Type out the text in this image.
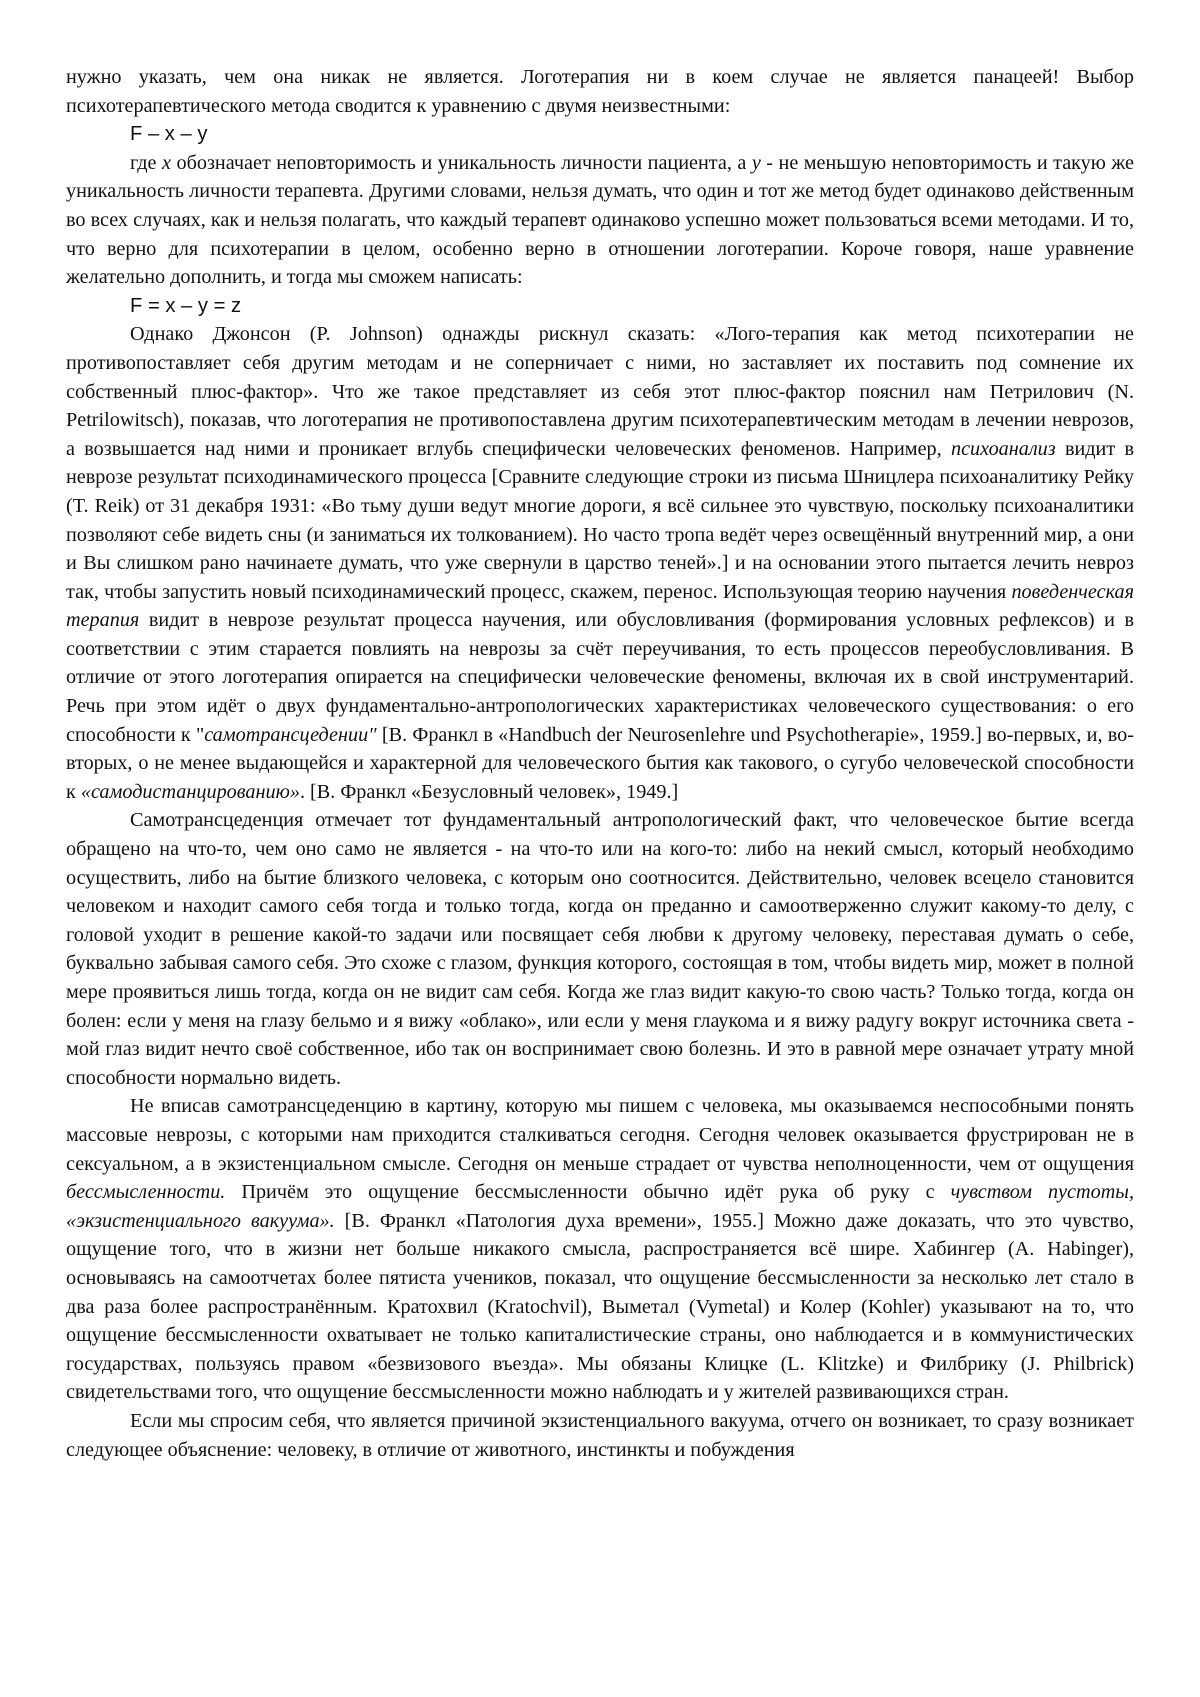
нужно указать, чем она никак не является. Логотерапия ни в коем случае не является панацеей! Выбор психотерапевтического метода сводится к уравнению с двумя неизвестными:

F – x – y

где x обозначает неповторимость и уникальность личности пациента, а y - не меньшую неповторимость и такую же уникальность личности терапевта. Другими словами, нельзя думать, что один и тот же метод будет одинаково действенным во всех случаях, как и нельзя полагать, что каждый терапевт одинаково успешно может пользоваться всеми методами. И то, что верно для психотерапии в целом, особенно верно в отношении логотерапии. Короче говоря, наше уравнение желательно дополнить, и тогда мы сможем написать:

F = x – y = z

Однако Джонсон (P. Johnson) однажды рискнул сказать: «Лого-терапия как метод психотерапии не противопоставляет себя другим методам и не соперничает с ними, но заставляет их поставить под сомнение их собственный плюс-фактор». Что же такое представляет из себя этот плюс-фактор пояснил нам Петрилович (N. Petrilowitsch), показав, что логотерапия не противопоставлена другим психотерапевтическим методам в лечении неврозов, а возвышается над ними и проникает вглубь специфически человеческих феноменов. Например, психоанализ видит в неврозе результат психодинамического процесса [Сравните следующие строки из письма Шницлера психоаналитику Рейку (T. Reik) от 31 декабря 1931: «Во тьму души ведут многие дороги, я всё сильнее это чувствую, поскольку психоаналитики позволяют себе видеть сны (и заниматься их толкованием). Но часто тропа ведёт через освещённый внутренний мир, а они и Вы слишком рано начинаете думать, что уже свернули в царство теней».] и на основании этого пытается лечить невроз так, чтобы запустить новый психодинамический процесс, скажем, перенос. Использующая теорию научения поведенческая терапия видит в неврозе результат процесса научения, или обусловливания (формирования условных рефлексов) и в соответствии с этим старается повлиять на неврозы за счёт переучивания, то есть процессов переобусловливания. В отличие от этого логотерапия опирается на специфически человеческие феномены, включая их в свой инструментарий. Речь при этом идёт о двух фундаментально-антропологических характеристиках человеческого существования: о его способности к "самотрансцедении" [В. Франкл в «Handbuch der Neurosenlehre und Psychotherapie», 1959.] во-первых, и, во-вторых, о не менее выдающейся и характерной для человеческого бытия как такового, о сугубо человеческой способности к «самодистанцированию». [В. Франкл «Безусловный человек», 1949.]

Самотрансцеденция отмечает тот фундаментальный антропологический факт, что человеческое бытие всегда обращено на что-то, чем оно само не является - на что-то или на кого-то: либо на некий смысл, который необходимо осуществить, либо на бытие близкого человека, с которым оно соотносится. Действительно, человек всецело становится человеком и находит самого себя тогда и только тогда, когда он преданно и самоотверженно служит какому-то делу, с головой уходит в решение какой-то задачи или посвящает себя любви к другому человеку, переставая думать о себе, буквально забывая самого себя. Это схоже с глазом, функция которого, состоящая в том, чтобы видеть мир, может в полной мере проявиться лишь тогда, когда он не видит сам себя. Когда же глаз видит какую-то свою часть? Только тогда, когда он болен: если у меня на глазу бельмо и я вижу «облако», или если у меня глаукома и я вижу радугу вокруг источника света - мой глаз видит нечто своё собственное, ибо так он воспринимает свою болезнь. И это в равной мере означает утрату мной способности нормально видеть.

Не вписав самотрансцеденцию в картину, которую мы пишем с человека, мы оказываемся неспособными понять массовые неврозы, с которыми нам приходится сталкиваться сегодня. Сегодня человек оказывается фрустрирован не в сексуальном, а в экзистенциальном смысле. Сегодня он меньше страдает от чувства неполноценности, чем от ощущения бессмысленности. Причём это ощущение бессмысленности обычно идёт рука об руку с чувством пустоты, «экзистенциального вакуума». [В. Франкл «Патология духа времени», 1955.] Можно даже доказать, что это чувство, ощущение того, что в жизни нет больше никакого смысла, распространяется всё шире. Хабингер (A. Habinger), основываясь на самоотчетах более пятиста учеников, показал, что ощущение бессмысленности за несколько лет стало в два раза более распространённым. Кратохвил (Kratochvil), Выметал (Vymetal) и Колер (Kohler) указывают на то, что ощущение бессмысленности охватывает не только капиталистические страны, оно наблюдается и в коммунистических государствах, пользуясь правом «безвизового въезда». Мы обязаны Клицке (L. Klitzke) и Филбрику (J. Philbrick) свидетельствами того, что ощущение бессмысленности можно наблюдать и у жителей развивающихся стран.

Если мы спросим себя, что является причиной экзистенциального вакуума, отчего он возникает, то сразу возникает следующее объяснение: человеку, в отличие от животного, инстинкты и побуждения
